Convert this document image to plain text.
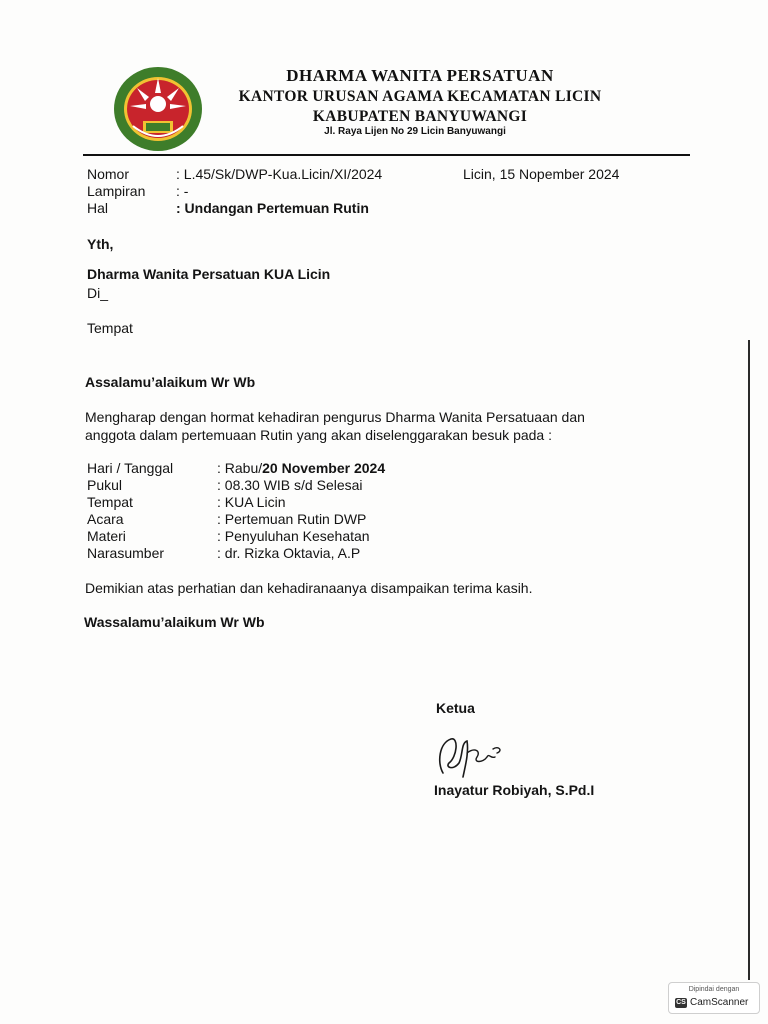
DHARMA WANITA PERSATUAN
KANTOR URUSAN AGAMA KECAMATAN LICIN
KABUPATEN BANYUWANGI
Jl. Raya Lijen No 29 Licin Banyuwangi
Nomor	: L.45/Sk/DWP-Kua.Licin/XI/2024
Lampiran : -
Hal	: Undangan Pertemuan Rutin
Licin, 15 Nopember 2024
Yth,
Dharma Wanita Persatuan KUA Licin
Di_
Tempat
Assalamu’alaikum Wr Wb
Mengharap dengan hormat kehadiran pengurus Dharma Wanita Persatuaan dan
anggota dalam pertemuaan Rutin yang akan diselenggarakan besuk pada :
Hari / Tanggal	: Rabu/20 November 2024
Pukul	: 08.30 WIB s/d Selesai
Tempat	: KUA Licin
Acara	: Pertemuan Rutin DWP
Materi	: Penyuluhan Kesehatan
Narasumber	: dr. Rizka Oktavia, A.P
Demikian atas perhatian dan kehadiranaanya disampaikan terima kasih.
Wassalamu’alaikum Wr Wb
Ketua
Inayatur Robiyah, S.Pd.I
Dipindai dengan
CS CamScanner
